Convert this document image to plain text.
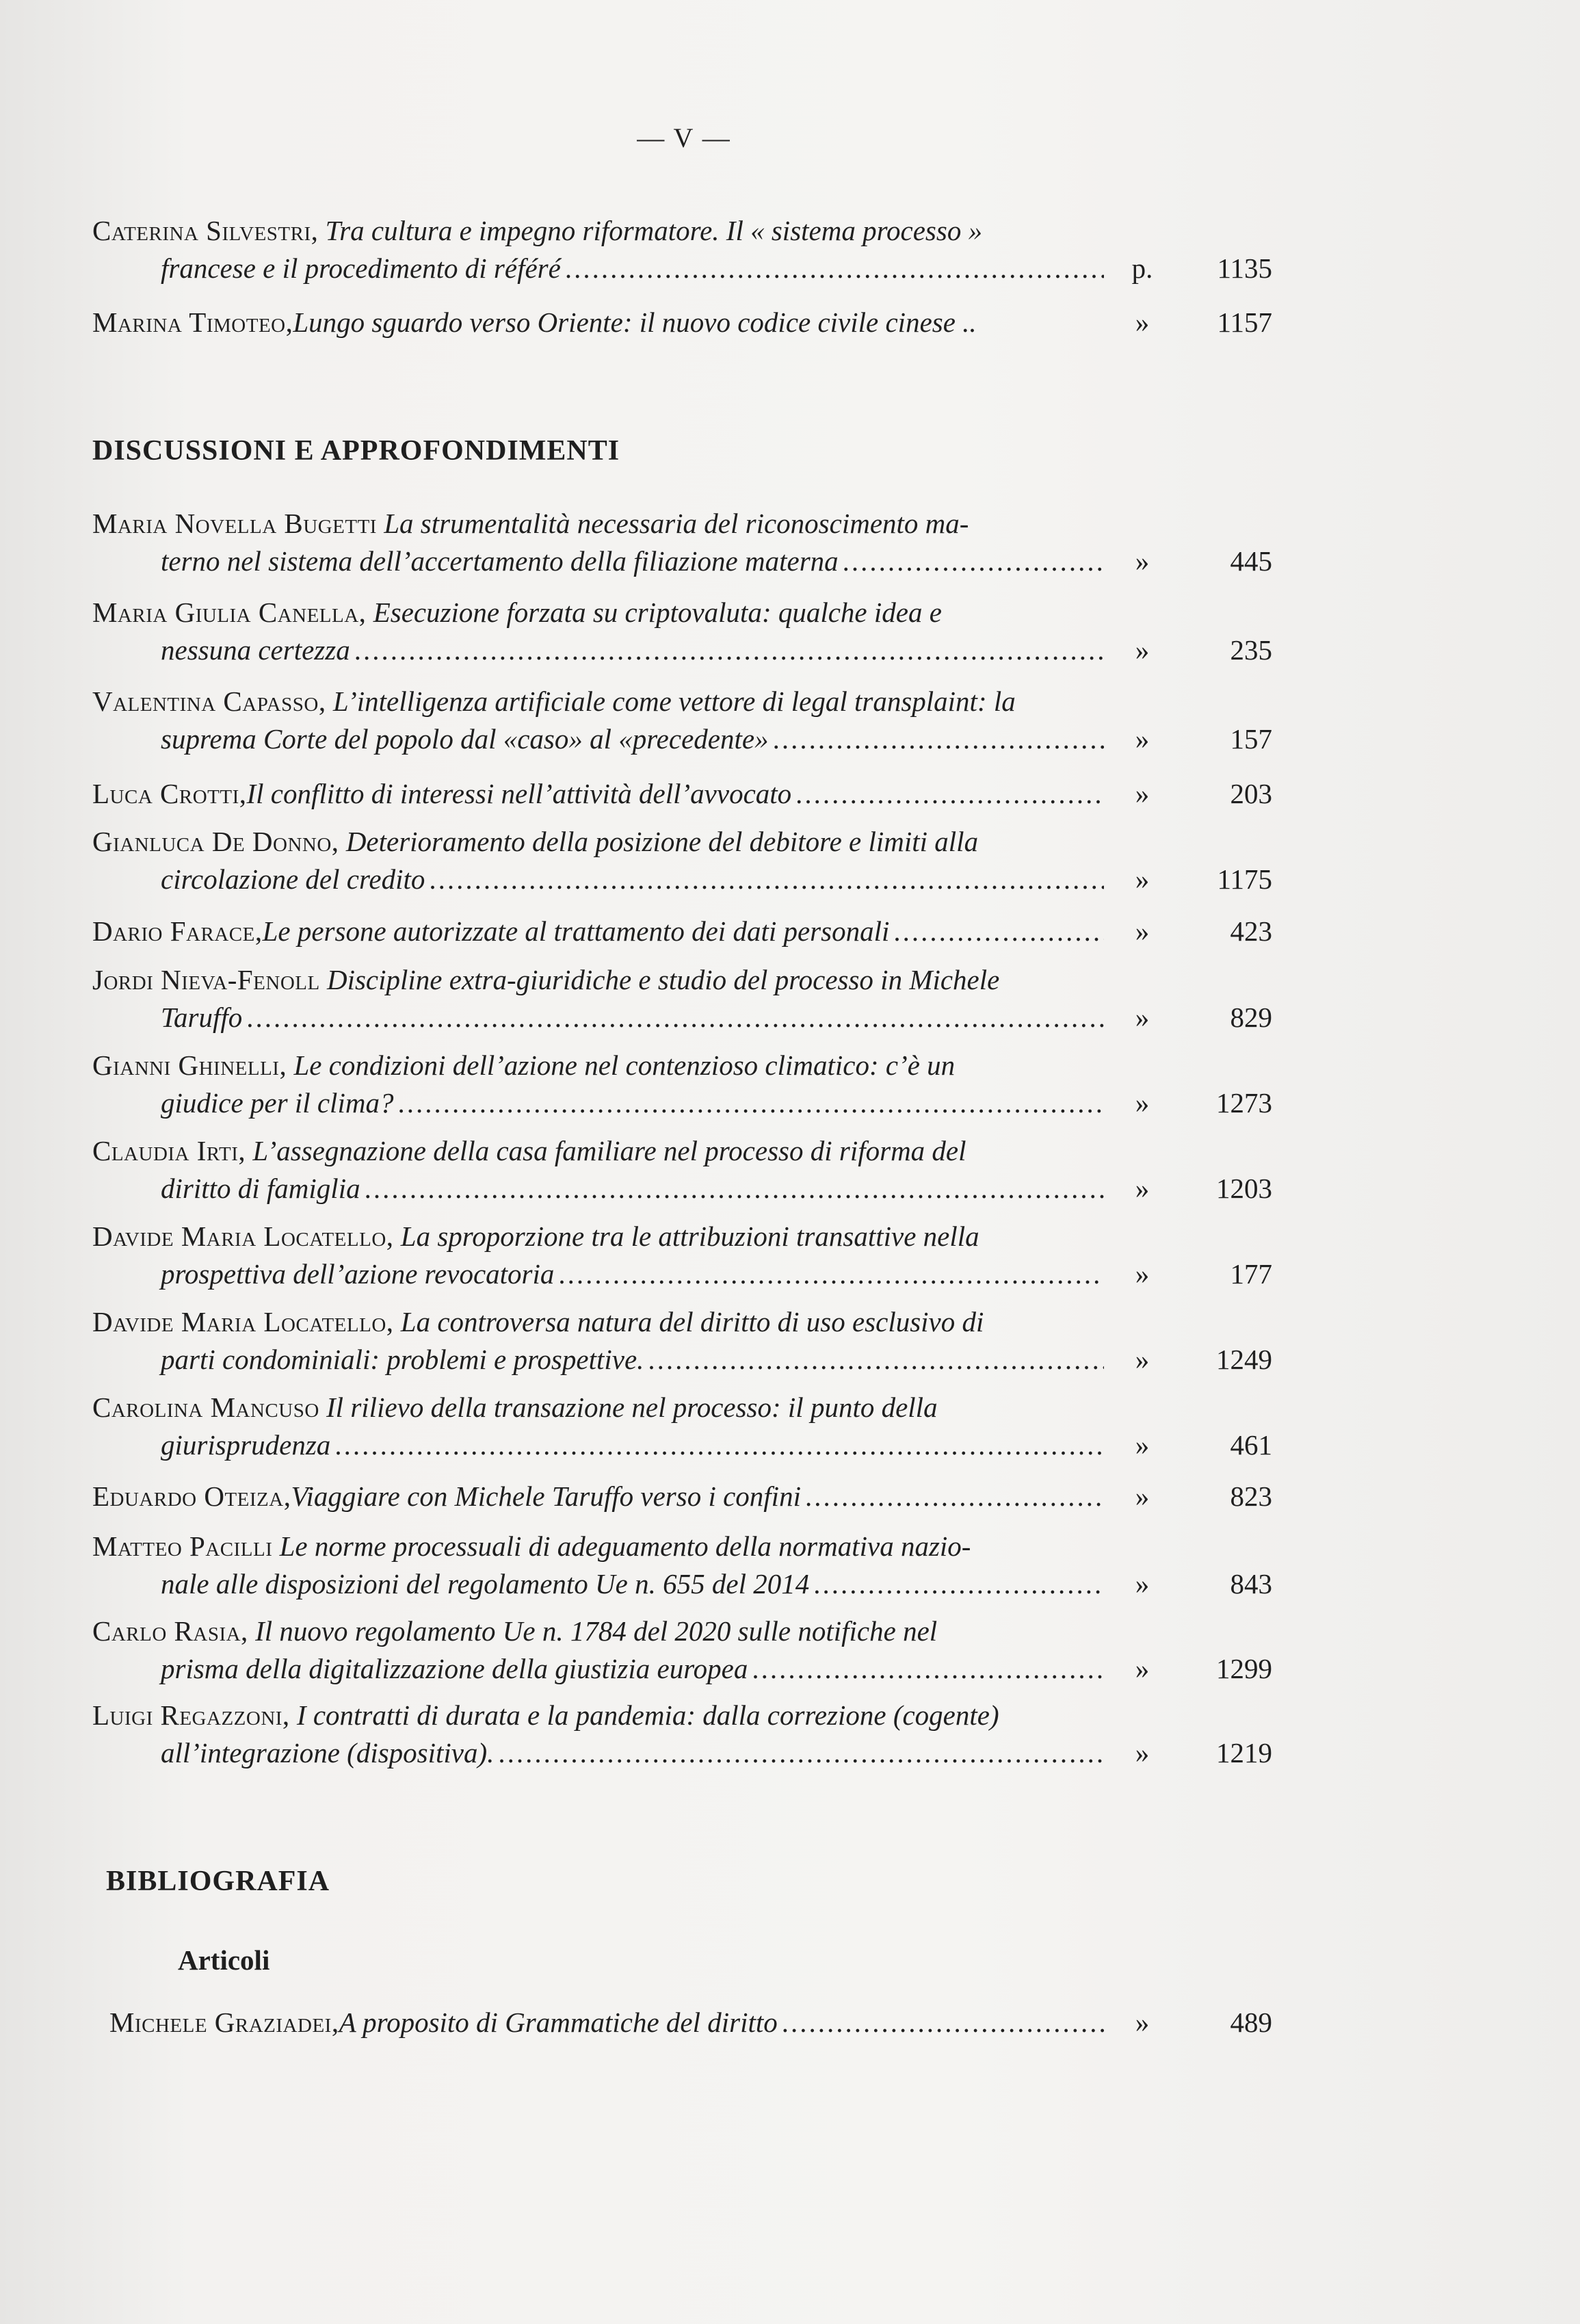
— V —
Caterina Silvestri, Tra cultura e impegno riformatore. Il « sistema processo »
francese e il procedimento di référé .....	p.	1135
Marina Timoteo, Lungo sguardo verso Oriente: il nuovo codice civile cinese ..	»	1157
DISCUSSIONI E APPROFONDIMENTI
Maria Novella Bugetti La strumentalità necessaria del riconoscimento ma-
terno nel sistema dell’accertamento della filiazione materna .....	»	445
Maria Giulia Canella, Esecuzione forzata su criptovaluta: qualche idea e
nessuna certezza .....	»	235
Valentina Capasso, L’intelligenza artificiale come vettore di legal transplaint: la
suprema Corte del popolo dal «caso» al «precedente» .....	»	157
Luca Crotti, Il conflitto di interessi nell’attività dell’avvocato .....	»	203
Gianluca De Donno, Deterioramento della posizione del debitore e limiti alla
circolazione del credito .....	»	1175
Dario Farace, Le persone autorizzate al trattamento dei dati personali .....	»	423
Jordi Nieva-Fenoll Discipline extra-giuridiche e studio del processo in Michele
Taruffo .....	»	829
Gianni Ghinelli, Le condizioni dell’azione nel contenzioso climatico: c’è un
giudice per il clima? .....	»	1273
Claudia Irti, L’assegnazione della casa familiare nel processo di riforma del
diritto di famiglia .....	»	1203
Davide Maria Locatello, La sproporzione tra le attribuzioni transattive nella
prospettiva dell’azione revocatoria .....	»	177
Davide Maria Locatello, La controversa natura del diritto di uso esclusivo di
parti condominiali: problemi e prospettive. .....	»	1249
Carolina Mancuso Il rilievo della transazione nel processo: il punto della
giurisprudenza .....	»	461
Eduardo Oteiza, Viaggiare con Michele Taruffo verso i confini .....	»	823
Matteo Pacilli Le norme processuali di adeguamento della normativa nazio-
nale alle disposizioni del regolamento Ue n. 655 del 2014 .....	»	843
Carlo Rasia, Il nuovo regolamento Ue n. 1784 del 2020 sulle notifiche nel
prisma della digitalizzazione della giustizia europea .....	»	1299
Luigi Regazzoni, I contratti di durata e la pandemia: dalla correzione (cogente)
all’integrazione (dispositiva). .....	»	1219
BIBLIOGRAFIA
Articoli
Michele Graziadei, A proposito di Grammatiche del diritto .....	»	489
